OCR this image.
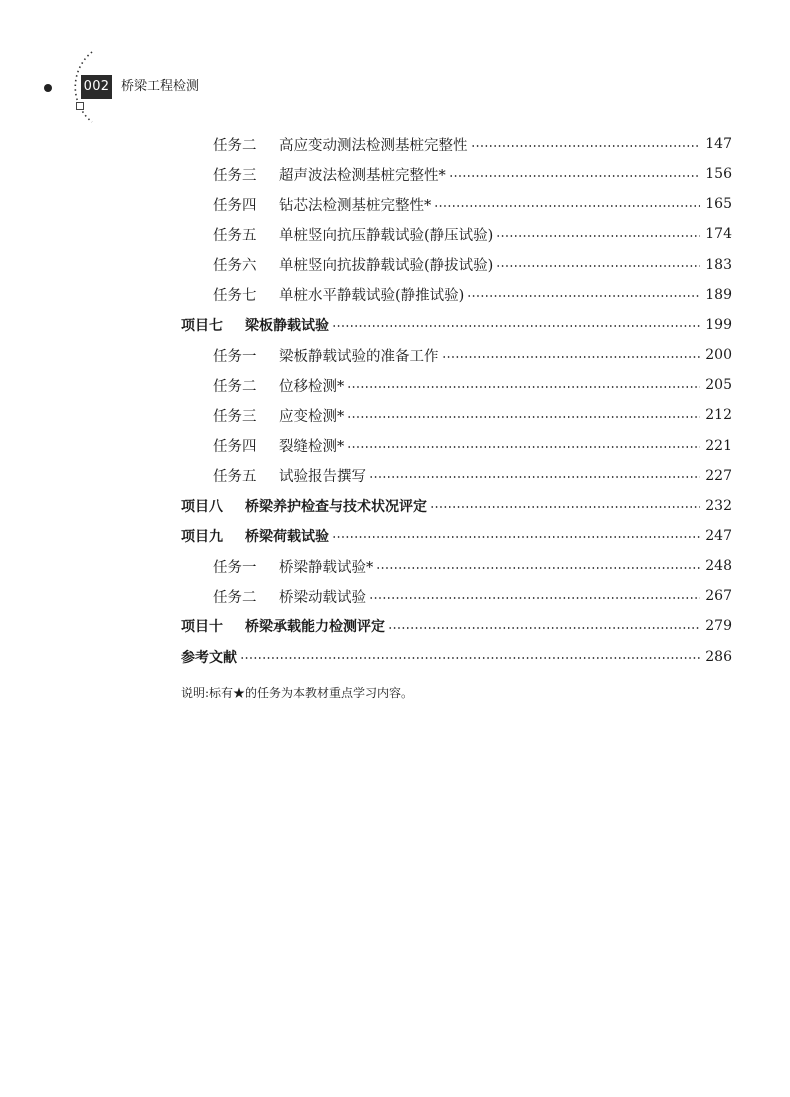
002 桥梁工程检测
任务二	高应变动测法检测基桩完整性	147
任务三	超声波法检测基桩完整性*	156
任务四	钻芯法检测基桩完整性*	165
任务五	单桩竖向抗压静载试验(静压试验)	174
任务六	单桩竖向抗拔静载试验(静拔试验)	183
任务七	单桩水平静载试验(静推试验)	189
项目七	梁板静载试验	199
任务一	梁板静载试验的准备工作	200
任务二	位移检测*	205
任务三	应变检测*	212
任务四	裂缝检测*	221
任务五	试验报告撰写	227
项目八	桥梁养护检查与技术状况评定	232
项目九	桥梁荷载试验	247
任务一	桥梁静载试验*	248
任务二	桥梁动载试验	267
项目十	桥梁承载能力检测评定	279
参考文献	286
说明:标有★的任务为本教材重点学习内容。
